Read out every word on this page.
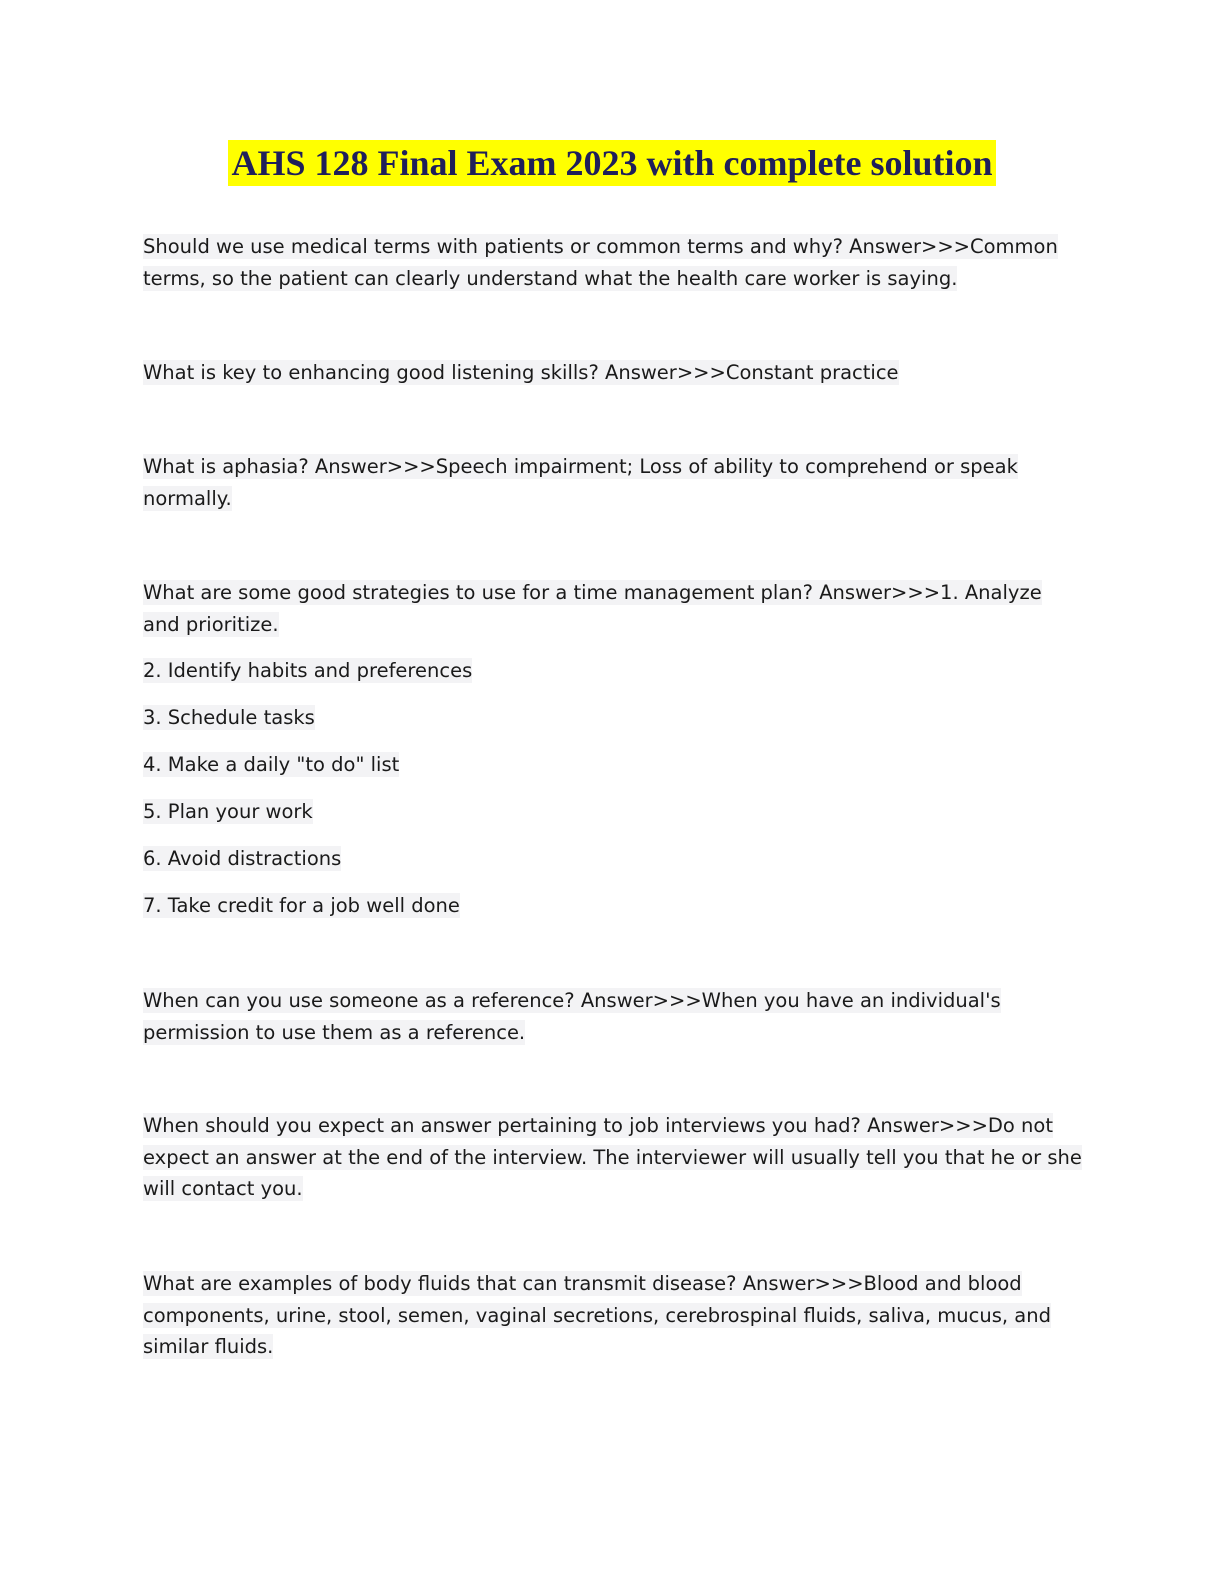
AHS 128 Final Exam 2023 with complete solution

Should we use medical terms with patients or common terms and why? Answer>>>Common terms, so the patient can clearly understand what the health care worker is saying.

What is key to enhancing good listening skills? Answer>>>Constant practice

What is aphasia? Answer>>>Speech impairment; Loss of ability to comprehend or speak normally.

What are some good strategies to use for a time management plan? Answer>>>1. Analyze and prioritize.

2. Identify habits and preferences

3. Schedule tasks

4. Make a daily "to do" list

5. Plan your work

6. Avoid distractions

7. Take credit for a job well done

When can you use someone as a reference? Answer>>>When you have an individual's permission to use them as a reference.

When should you expect an answer pertaining to job interviews you had? Answer>>>Do not expect an answer at the end of the interview. The interviewer will usually tell you that he or she will contact you.

What are examples of body fluids that can transmit disease? Answer>>>Blood and blood components, urine, stool, semen, vaginal secretions, cerebrospinal fluids, saliva, mucus, and similar fluids.
